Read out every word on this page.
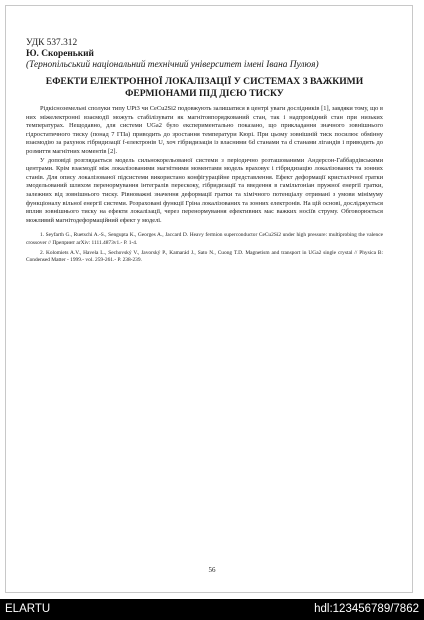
УДК 537.312
Ю. Скоренький
(Тернопільський національний технічний університет імені Івана Пулюя)
ЕФЕКТИ ЕЛЕКТРОННОЇ ЛОКАЛІЗАЦІЇ У СИСТЕМАХ З ВАЖКИМИ ФЕРМІОНАМИ ПІД ДІЄЮ ТИСКУ

Рідкісноземельні сполуки типу UPt3 чи CeCu2Si2 подовжують залишатися в центрі уваги дослідників [1], завдяки тому, що в них міжелектронні взаємодії можуть стабілізувати як магнітовпорядкований стан, так і надпровідний стан при низьких температурах. Нещодавно, для системи UGa2 було експериментально показано, що прикладання значного зовнішнього гідростатичного тиску (понад 7 ГПа) приводить до зростання температури Кюрі. При цьому зовнішній тиск посилює обмінну взаємодію за рахунок гібридизації f-електронів U, хоч гібридизація із власними 6d станами та d станами лігандів і приводить до розмиття магнітних моментів [2].

У доповіді розглядається модель сильнокорельованої системи з періодично розташованими Андерсон-Габбардівськими центрами. Крім взаємодії між локалізованими магнітними моментами модель враховує і гібридизацію локалізованих та зонних станів. Для опису локалізованої підсистеми використано конфігураційне представлення. Ефект деформації кристалічної гратки змодельований шляхом перенормування інтегралів перескоку, гібридизації та введення в гамільтоніан пружної енергії гратки, залежних від зовнішнього тиску. Рівноважні значення деформації гратки та хімічного потенціалу отримані з умови мінімуму функціоналу вільної енергії системи. Розраховані функції Гріна локалізованих та зонних електронів. На цій основі, досліджується вплив зовнішнього тиску на ефекти локалізації, через перенормування ефективних мас важких носіїв струму. Обговорюється можливий магнітодеформаційний ефект у моделі.

1. Seyfarth G., Ruetschi A.-S., Sengupta K., Georges A., Jaccard D. Heavy fermion superconductor CeCu2Si2 under high pressure: multiprobing the valence crossover // Препринт arXiv: 1111.4873v1.- P. 1-4.

2. Kolomiets A.V., Havela L., Sechovský V., Javorský P., Kamarád J., Sato N., Cuong T.D. Magnetism and transport in UGa2 single crystal // Physica B: Condensed Matter - 1999.- vol. 259-261.- P. 238-239.

56
ELARTU	hdl:123456789/7862
